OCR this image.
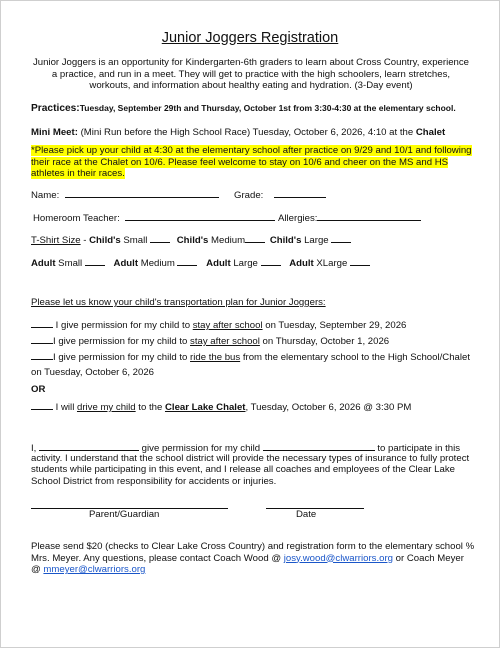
Junior Joggers Registration
Junior Joggers is an opportunity for Kindergarten-6th graders to learn about Cross Country, experience a practice, and run in a meet. They will get to practice with the high schoolers, learn stretches, workouts, and information about healthy eating and hydration. (3-Day event)
Practices:Tuesday, September 29th and Thursday, October 1st from 3:30-4:30 at the elementary school.
Mini Meet: (Mini Run before the High School Race) Tuesday, October 6, 2026, 4:10 at the Chalet
*Please pick up your child at 4:30 at the elementary school after practice on 9/29 and 10/1 and following their race at the Chalet on 10/6. Please feel welcome to stay on 10/6 and cheer on the MS and HS athletes in their races.
Name:	Grade:
Homeroom Teacher:	Allergies:
T-Shirt Size - Child's Small	Child's Medium	Child's Large
Adult Small	Adult Medium	Adult Large	Adult XLarge
Please let us know your child's transportation plan for Junior Joggers:
I give permission for my child to stay after school on Tuesday, September 29, 2026
I give permission for my child to stay after school on Thursday, October 1, 2026
I give permission for my child to ride the bus from the elementary school to the High School/Chalet
on Tuesday, October 6, 2026
OR
I will drive my child to the Clear Lake Chalet, Tuesday, October 6, 2026 @ 3:30 PM
I,	give permission for my child	to participate in this
activity. I understand that the school district will provide the necessary types of insurance to fully protect students while participating in this event, and I release all coaches and employees of the Clear Lake School District from responsibility for accidents or injuries.
Parent/Guardian	Date
Please send $20 (checks to Clear Lake Cross Country) and registration form to the elementary school % Mrs. Meyer. Any questions, please contact Coach Wood @ josy.wood@clwarriors.org or Coach Meyer @ mmeyer@clwarriors.org
